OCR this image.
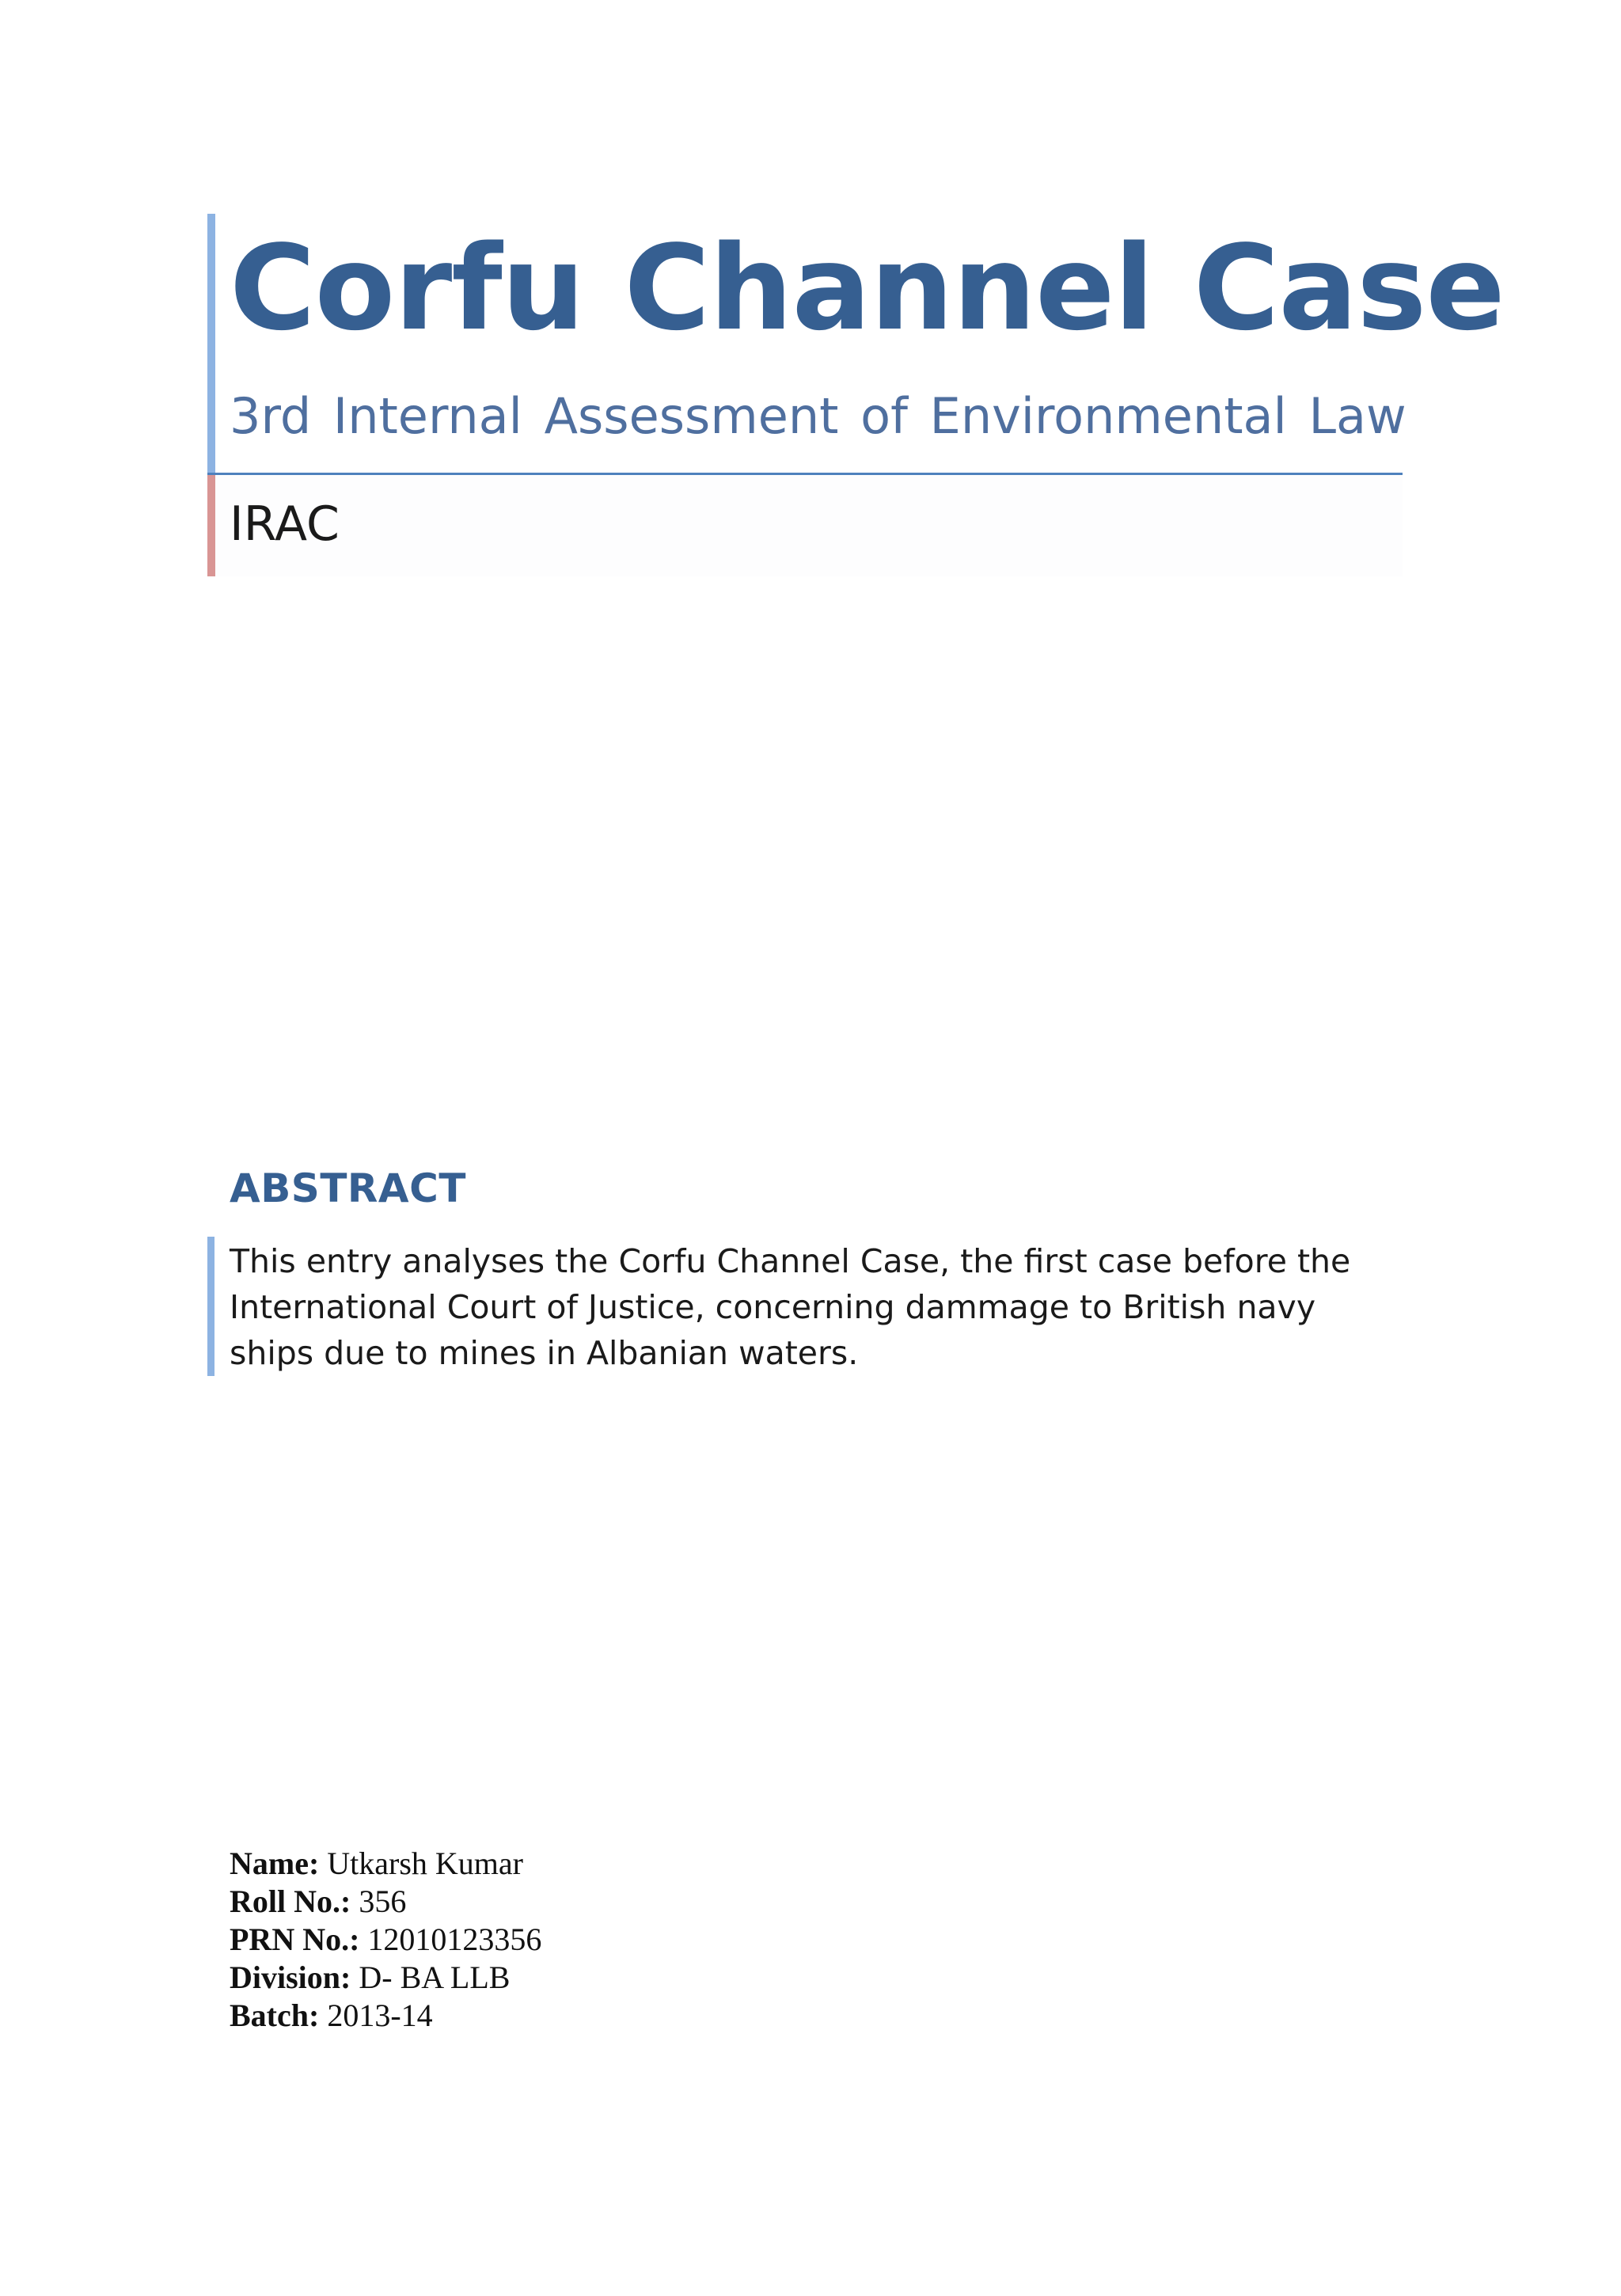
Corfu Channel Case

3rd Internal Assessment of Environmental Law

IRAC

ABSTRACT

This entry analyses the Corfu Channel Case, the first case before the International Court of Justice, concerning dammage to British navy ships due to mines in Albanian waters.

Name: Utkarsh Kumar
Roll No.: 356
PRN No.: 12010123356
Division: D- BA LLB
Batch: 2013-14
